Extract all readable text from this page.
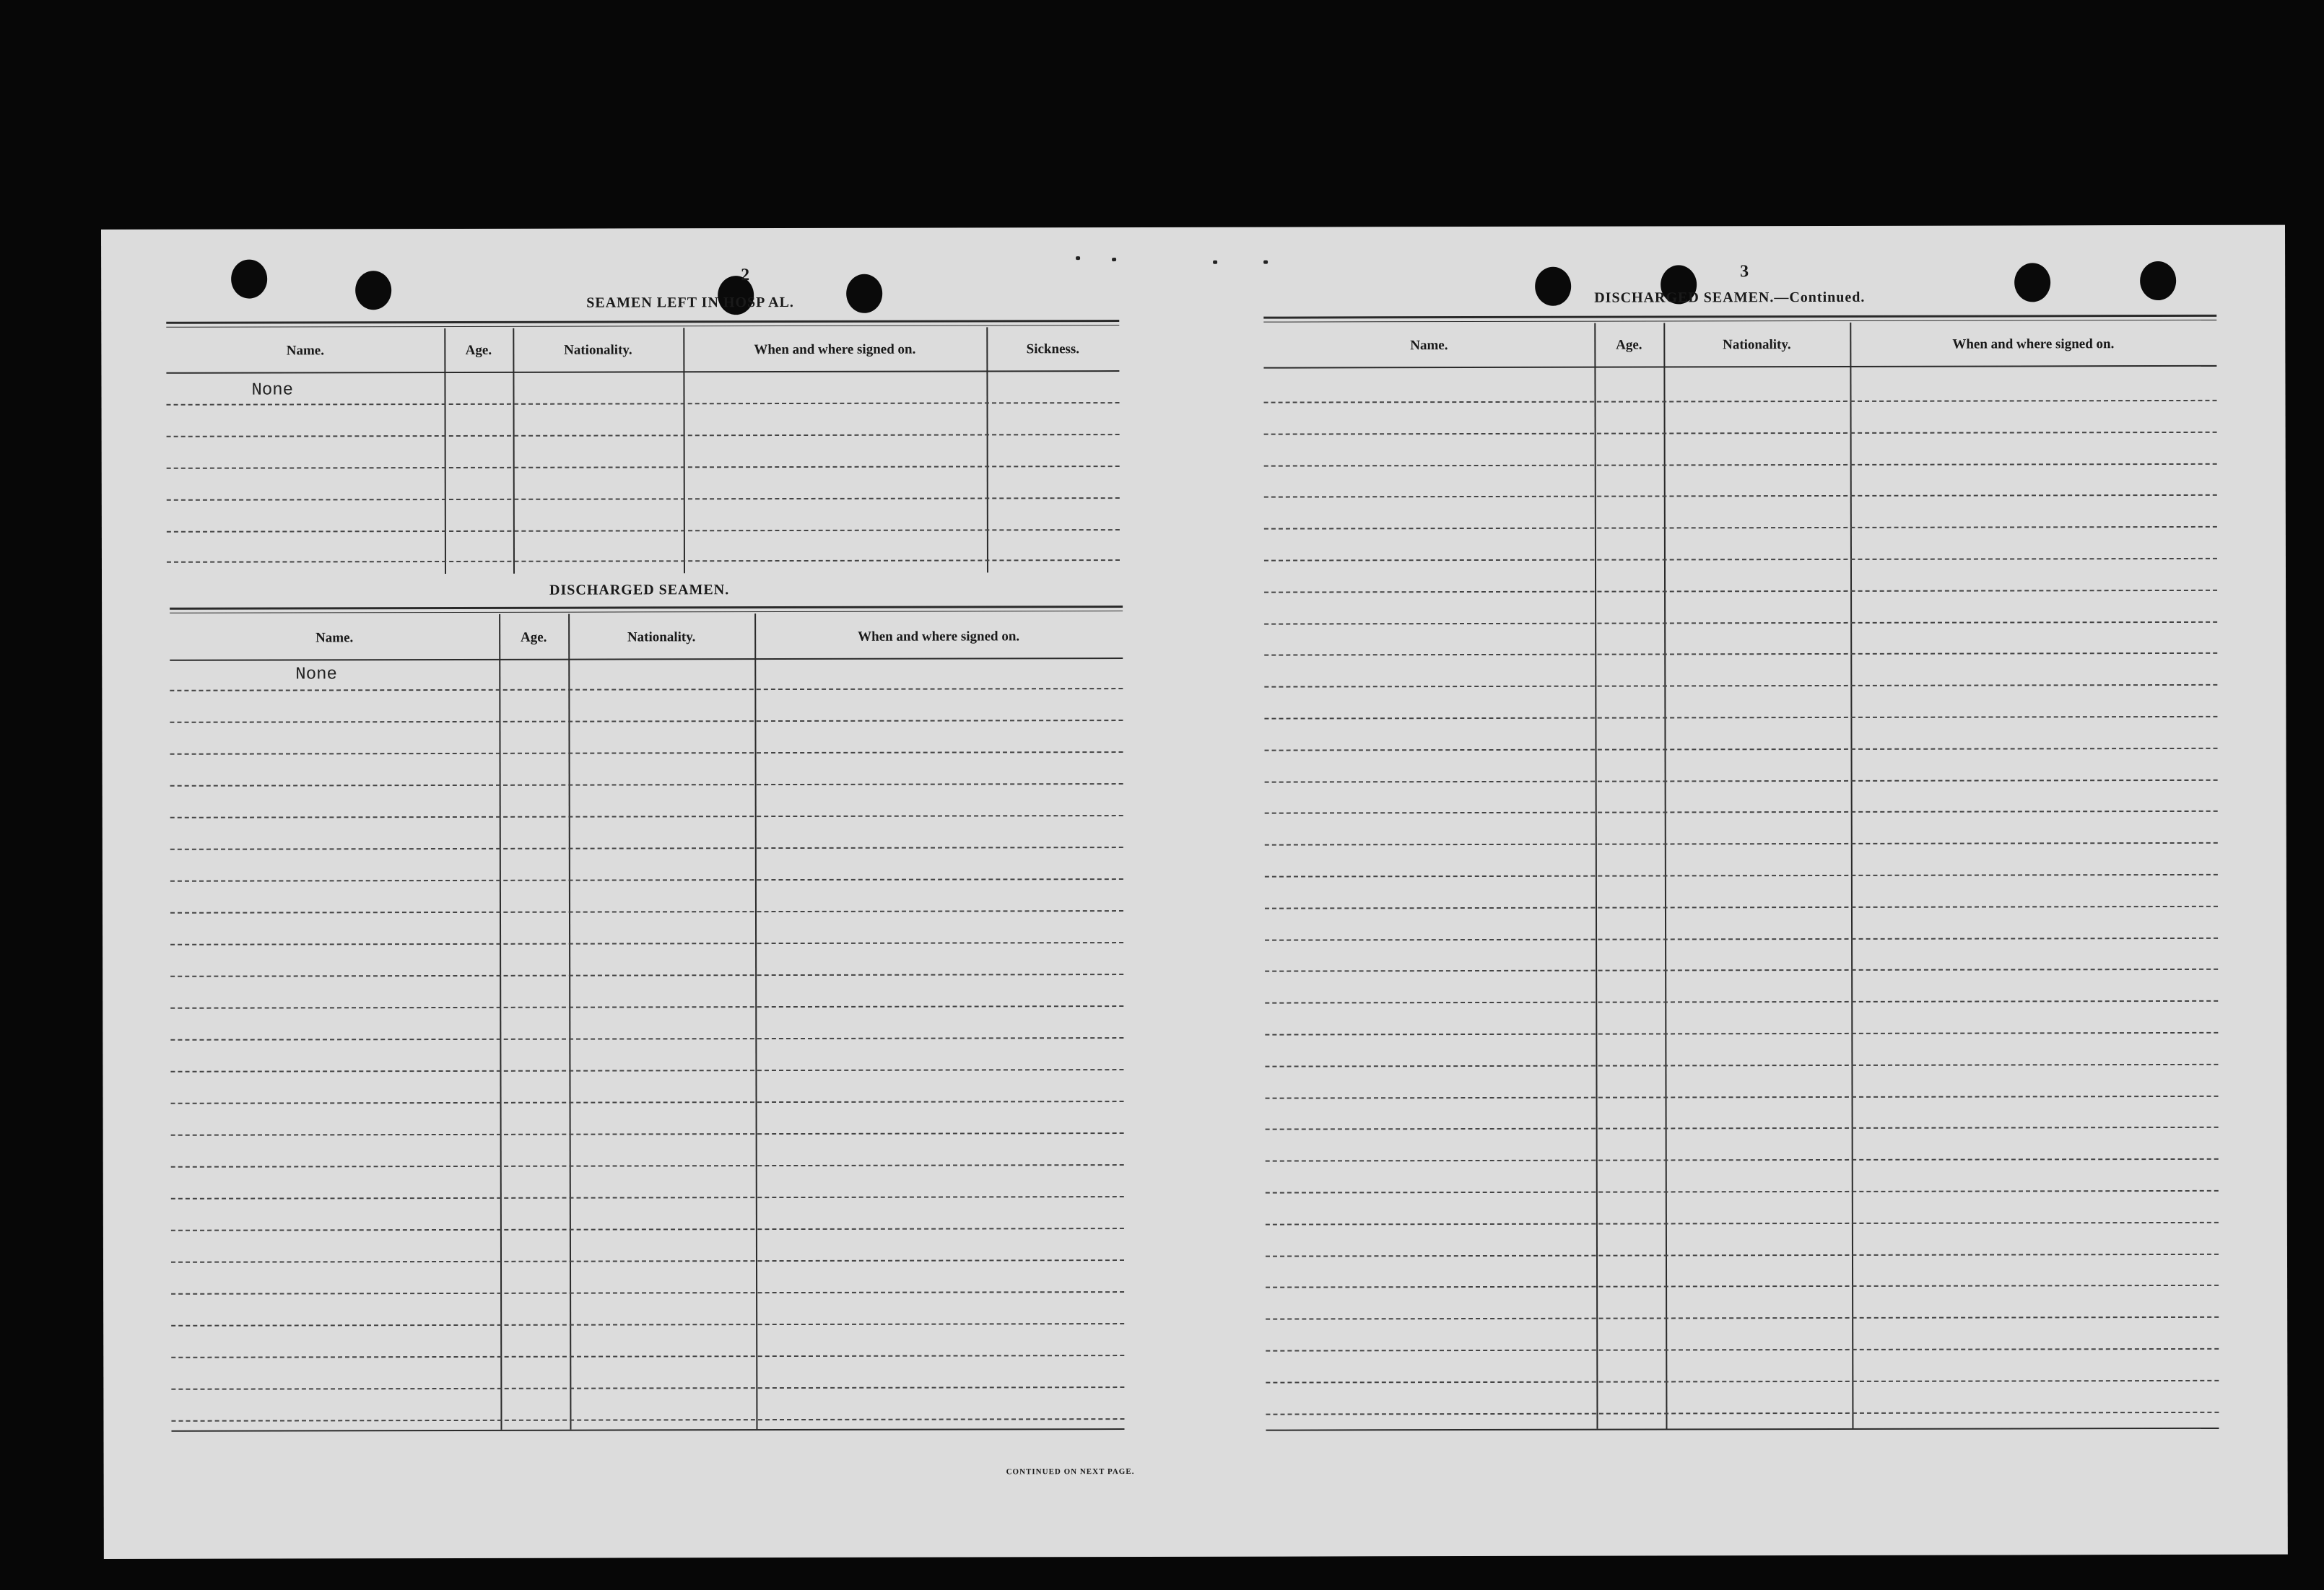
2
SEAMEN LEFT IN HOSP AL.
Name.	Age.	Nationality.	When and where signed on.	Sickness.
None
DISCHARGED SEAMEN.
Name.	Age.	Nationality.	When and where signed on.
None
CONTINUED ON NEXT PAGE.
3
DISCHARGED SEAMEN.—Continued.
Name.	Age.	Nationality.	When and where signed on.
